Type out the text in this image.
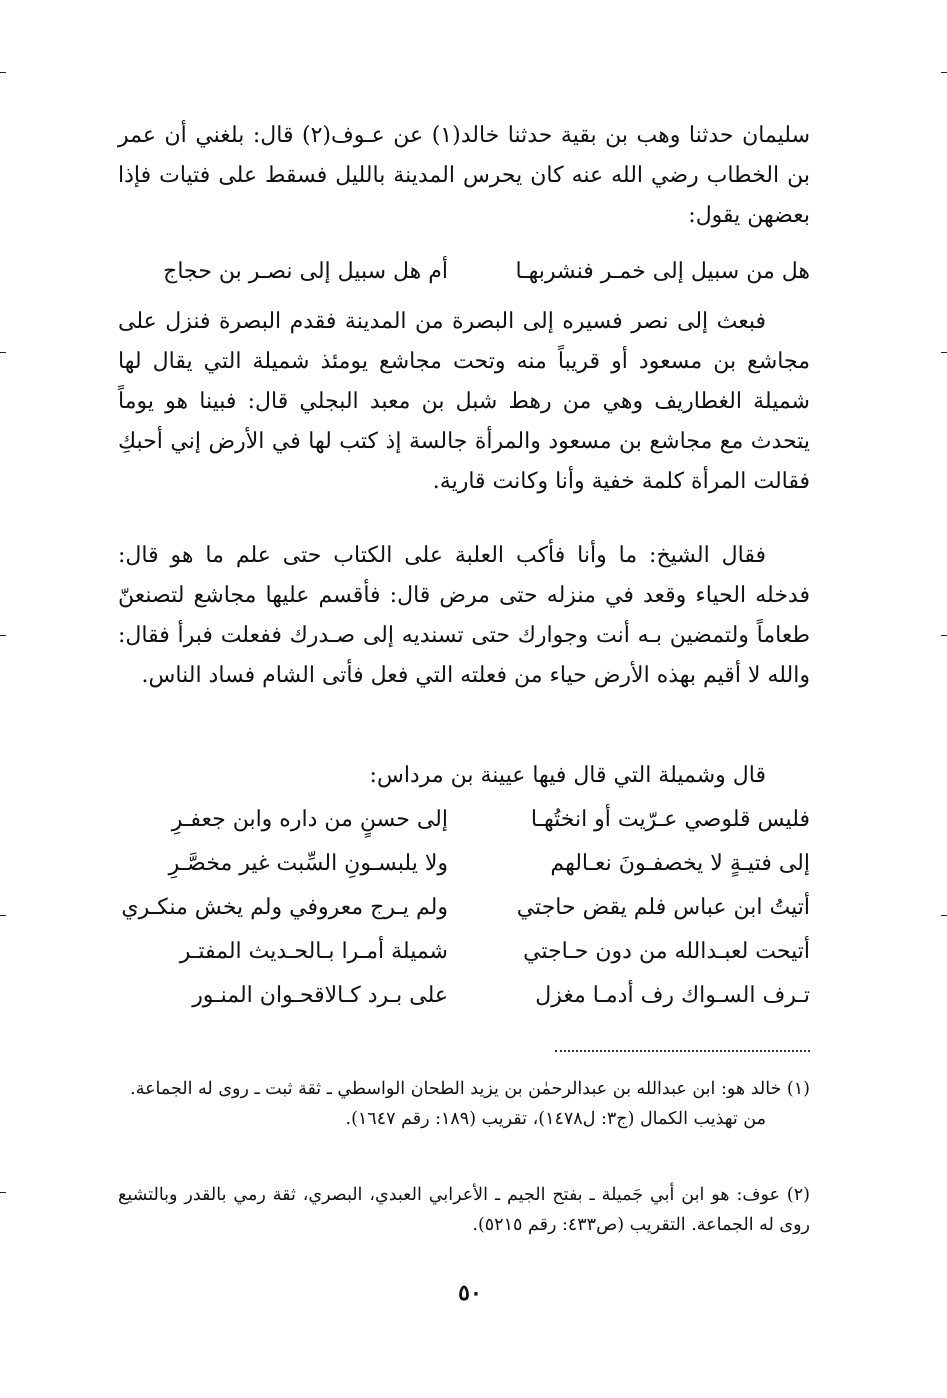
سليمان حدثنا وهب بن بقية حدثنا خالد(١) عن عـوف(٢) قال: بلغني أن عمر بن الخطاب رضي الله عنه كان يحرس المدينة بالليل فسقط على فتيات فإذا بعضهن يقول:

هل من سبيل إلى خمـر فنشربهـا
أم هل سبيل إلى نصـر بن حجاج

فبعث إلى نصر فسيره إلى البصرة من المدينة فقدم البصرة فنزل على مجاشع بن مسعود أو قريباً منه وتحت مجاشع يومئذ شميلة التي يقال لها شميلة الغطاريف وهي من رهط شبل بن معبد البجلي قال: فبينا هو يوماً يتحدث مع مجاشع بن مسعود والمرأة جالسة إذ كتب لها في الأرض إني أحبكِ فقالت المرأة كلمة خفية وأنا وكانت قارية.

فقال الشيخ: ما وأنا فأكب العلبة على الكتاب حتى علم ما هو قال: فدخله الحياء وقعد في منزله حتى مرض قال: فأقسم عليها مجاشع لتصنعنّ طعاماً ولتمضين بـه أنت وجوارك حتى تسنديه إلى صـدرك ففعلت فبرأ فقال: والله لا أقيم بهذه الأرض حياء من فعلته التي فعل فأتى الشام فساد الناس.

قال وشميلة التي قال فيها عيينة بن مرداس:

فليس قلوصي عـرّيت أو انختُهـا
إلى حسنٍ من داره وابن جعفـرِ
إلى فتيـةٍ لا يخصفـونَ نعـالهم
ولا يلبسـونِ السِّبت غير مخصَّـرِ
أتيتُ ابن عباس فلم يقض حاجتي
ولم يـرج معروفي ولم يخش منكـري
أتيحت لعبـدالله من دون حـاجتي
شميلة أمـرا بـالحـديث المفتـر
تـرف السـواك رف أدمـا مغزل
على بـرد كـالاقحـوان المنـور

(١) خالد هو: ابن عبدالله بن عبدالرحمٰن بن يزيد الطحان الواسطي ـ ثقة ثبت ـ روى له الجماعة.

من تهذيب الكمال (ج٣: ل١٤٧٨)، تقريب (١٨٩: رقم ١٦٤٧).

(٢) عوف: هو ابن أبي جَميلة ـ بفتح الجيم ـ الأعرابي العبدي، البصري، ثقة رمي بالقدر وبالتشيع روى له الجماعة. التقريب (ص٤٣٣: رقم ٥٢١٥).

٥٠
